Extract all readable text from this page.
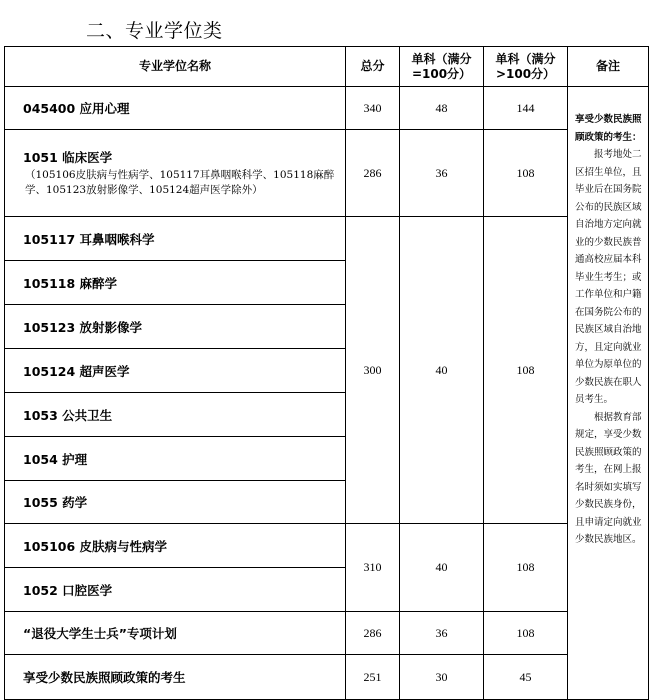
二、专业学位类
专业学位名称	总分	单科（满分=100分）	单科（满分>100分）	备注
045400 应用心理	340	48	144	享受少数民族照顾政策的考生：

报考地处二区招生单位，且毕业后在国务院公布的民族区域自治地方定向就业的少数民族普通高校应届本科毕业生考生；或工作单位和户籍在国务院公布的民族区域自治地方，且定向就业单位为原单位的少数民族在职人员考生。

根据教育部规定，享受少数民族照顾政策的考生，在网上报名时须如实填写少数民族身份，且申请定向就业少数民族地区。

1051 临床医学
（105106皮肤病与性病学、105117耳鼻咽喉科学、105118麻醉学、105123放射影像学、105124超声医学除外）	286	36	108	
105117 耳鼻咽喉科学	300	40	108	
105118 麻醉学				
105123 放射影像学				
105124 超声医学				
1053 公共卫生				
1054 护理				
1055 药学				
105106 皮肤病与性病学	310	40	108	
1052 口腔医学				
“退役大学生士兵”专项计划	286	36	108	
享受少数民族照顾政策的考生	251	30	45	
